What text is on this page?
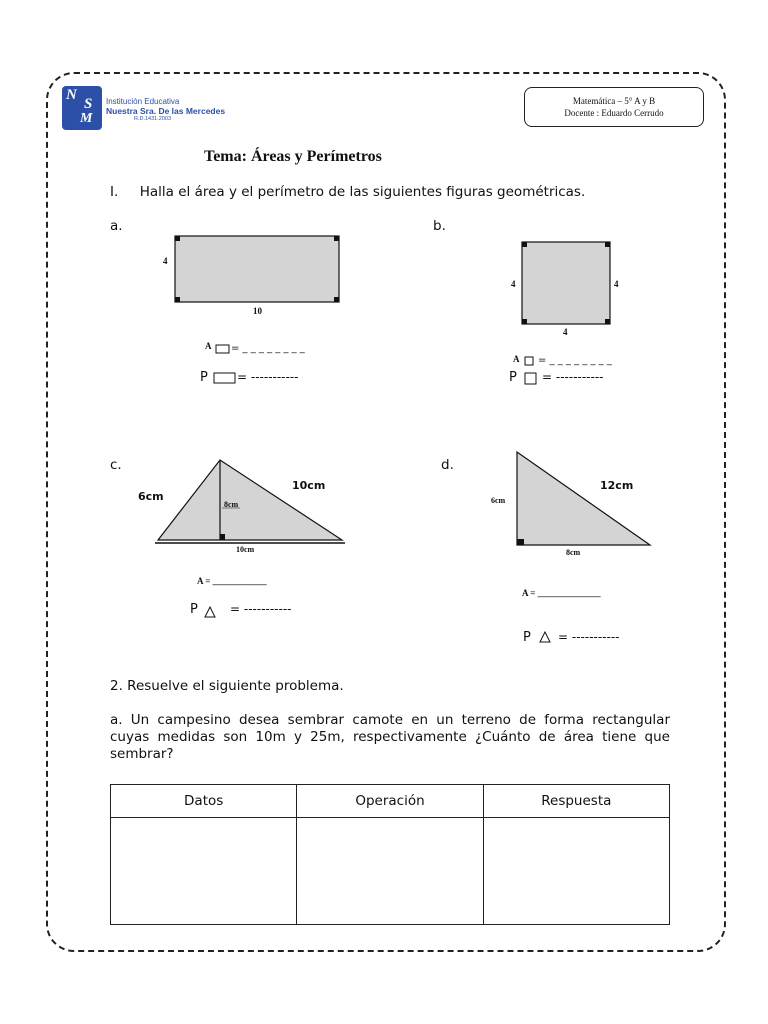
N
S
M
Institución Educativa
Nuestra Sra. De las Mercedes
R.D.1431.2003
Matemática – 5° A y B
Docente : Eduardo Cerrudo
Tema: Áreas y Perímetros
I.     Halla el área y el perímetro de las siguientes figuras geométricas.
a.	b.
c.	d.
4
10
A = _ _ _ _ _ _ _ _
P = -----------
4	4
4
A = _ _ _ _ _ _ _ _
P = -----------
6cm
10cm
8cm
10cm
A = ____________
P	= -----------
6cm
12cm
8cm
A = ______________
P = -----------
2. Resuelve el siguiente problema.
a. Un campesino desea sembrar camote en un terreno de forma rectangular cuyas medidas son 10m y 25m, respectivamente ¿Cuánto de área tiene que sembrar?
Datos	Operación	Respuesta
